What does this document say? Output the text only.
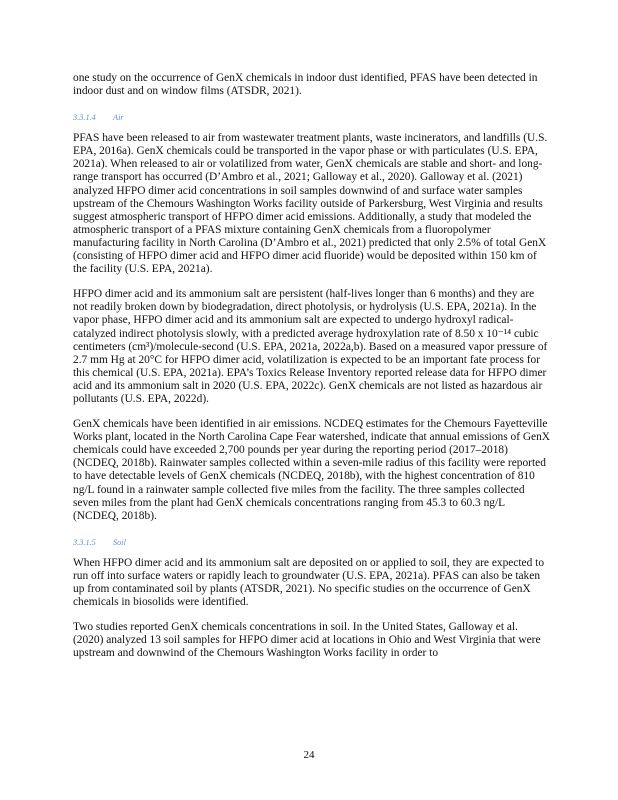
one study on the occurrence of GenX chemicals in indoor dust identified, PFAS have been detected in indoor dust and on window films (ATSDR, 2021).

3.3.1.4 Air

PFAS have been released to air from wastewater treatment plants, waste incinerators, and landfills (U.S. EPA, 2016a). GenX chemicals could be transported in the vapor phase or with particulates (U.S. EPA, 2021a). When released to air or volatilized from water, GenX chemicals are stable and short- and long-range transport has occurred (D’Ambro et al., 2021; Galloway et al., 2020). Galloway et al. (2021) analyzed HFPO dimer acid concentrations in soil samples downwind of and surface water samples upstream of the Chemours Washington Works facility outside of Parkersburg, West Virginia and results suggest atmospheric transport of HFPO dimer acid emissions. Additionally, a study that modeled the atmospheric transport of a PFAS mixture containing GenX chemicals from a fluoropolymer manufacturing facility in North Carolina (D’Ambro et al., 2021) predicted that only 2.5% of total GenX (consisting of HFPO dimer acid and HFPO dimer acid fluoride) would be deposited within 150 km of the facility (U.S. EPA, 2021a).

HFPO dimer acid and its ammonium salt are persistent (half-lives longer than 6 months) and they are not readily broken down by biodegradation, direct photolysis, or hydrolysis (U.S. EPA, 2021a). In the vapor phase, HFPO dimer acid and its ammonium salt are expected to undergo hydroxyl radical-catalyzed indirect photolysis slowly, with a predicted average hydroxylation rate of 8.50 x 10⁻¹⁴ cubic centimeters (cm³)/molecule-second (U.S. EPA, 2021a, 2022a,b). Based on a measured vapor pressure of 2.7 mm Hg at 20°C for HFPO dimer acid, volatilization is expected to be an important fate process for this chemical (U.S. EPA, 2021a). EPA’s Toxics Release Inventory reported release data for HFPO dimer acid and its ammonium salt in 2020 (U.S. EPA, 2022c). GenX chemicals are not listed as hazardous air pollutants (U.S. EPA, 2022d).

GenX chemicals have been identified in air emissions. NCDEQ estimates for the Chemours Fayetteville Works plant, located in the North Carolina Cape Fear watershed, indicate that annual emissions of GenX chemicals could have exceeded 2,700 pounds per year during the reporting period (2017–2018) (NCDEQ, 2018b). Rainwater samples collected within a seven-mile radius of this facility were reported to have detectable levels of GenX chemicals (NCDEQ, 2018b), with the highest concentration of 810 ng/L found in a rainwater sample collected five miles from the facility. The three samples collected seven miles from the plant had GenX chemicals concentrations ranging from 45.3 to 60.3 ng/L (NCDEQ, 2018b).

3.3.1.5 Soil

When HFPO dimer acid and its ammonium salt are deposited on or applied to soil, they are expected to run off into surface waters or rapidly leach to groundwater (U.S. EPA, 2021a). PFAS can also be taken up from contaminated soil by plants (ATSDR, 2021). No specific studies on the occurrence of GenX chemicals in biosolids were identified.

Two studies reported GenX chemicals concentrations in soil. In the United States, Galloway et al. (2020) analyzed 13 soil samples for HFPO dimer acid at locations in Ohio and West Virginia that were upstream and downwind of the Chemours Washington Works facility in order to

24
